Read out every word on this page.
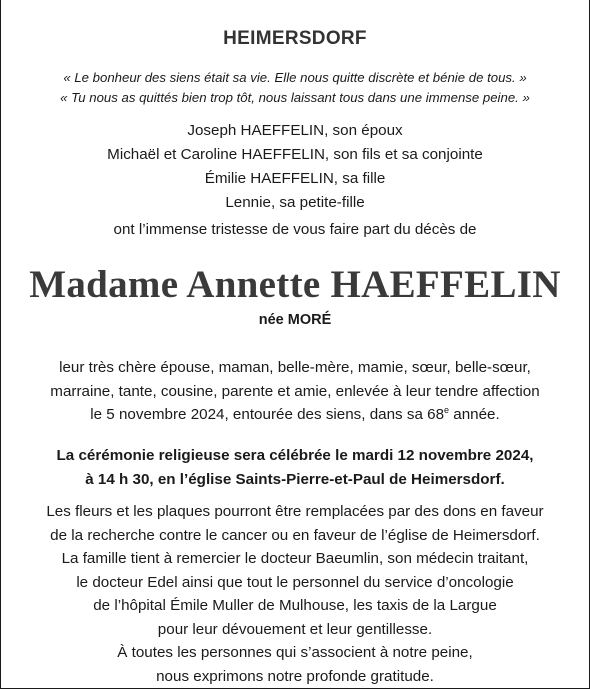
HEIMERSDORF
« Le bonheur des siens était sa vie. Elle nous quitte discrète et bénie de tous. »
« Tu nous as quittés bien trop tôt, nous laissant tous dans une immense peine. »
Joseph HAEFFELIN, son époux
Michaël et Caroline HAEFFELIN, son fils et sa conjointe
Émilie HAEFFELIN, sa fille
Lennie, sa petite-fille
ont l’immense tristesse de vous faire part du décès de
Madame Annette HAEFFELIN
née MORÉ
leur très chère épouse, maman, belle-mère, mamie, sœur, belle-sœur,
marraine, tante, cousine, parente et amie, enlevée à leur tendre affection
le 5 novembre 2024, entourée des siens, dans sa 68e année.
La cérémonie religieuse sera célébrée le mardi 12 novembre 2024,
à 14 h 30, en l’église Saints-Pierre-et-Paul de Heimersdorf.
Les fleurs et les plaques pourront être remplacées par des dons en faveur
de la recherche contre le cancer ou en faveur de l’église de Heimersdorf.
La famille tient à remercier le docteur Baeumlin, son médecin traitant,
le docteur Edel ainsi que tout le personnel du service d’oncologie
de l’hôpital Émile Muller de Mulhouse, les taxis de la Largue
pour leur dévouement et leur gentillesse.
À toutes les personnes qui s’associent à notre peine,
nous exprimons notre profonde gratitude.
